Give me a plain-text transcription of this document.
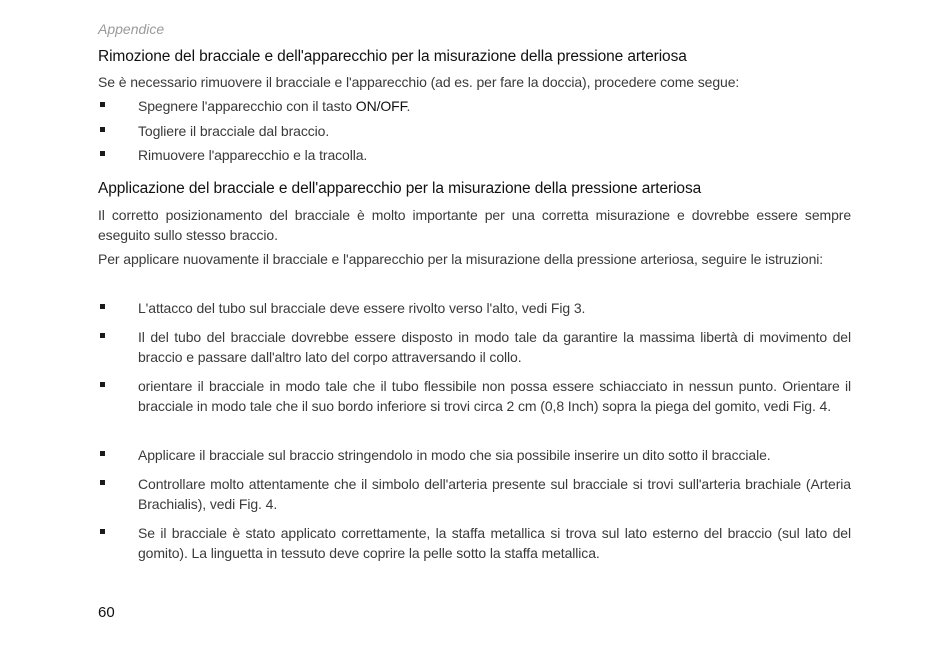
Appendice
Rimozione del bracciale e dell'apparecchio per la misurazione della pressione arteriosa

Se è necessario rimuovere il bracciale e l'apparecchio (ad es. per fare la doccia), procedere come segue:

Spegnere l'apparecchio con il tasto ON/OFF.
Togliere il bracciale dal braccio.
Rimuovere l'apparecchio e la tracolla.
Applicazione del bracciale e dell'apparecchio per la misurazione della pressione arteriosa

Il corretto posizionamento del bracciale è molto importante per una corretta misurazione e dovrebbe essere sempre eseguito sullo stesso braccio.

Per applicare nuovamente il bracciale e l'apparecchio per la misurazione della pressione arteriosa, seguire le istruzioni:

L'attacco del tubo sul bracciale deve essere rivolto verso l'alto, vedi Fig 3.
Il del tubo del bracciale dovrebbe essere disposto in modo tale da garantire la massima libertà di movimento del braccio e passare dall'altro lato del corpo attraversando il collo.
orientare il bracciale in modo tale che il tubo flessibile non possa essere schiacciato in nessun punto. Orientare il bracciale in modo tale che il suo bordo inferiore si trovi circa 2 cm (0,8 Inch) sopra la piega del gomito, vedi Fig. 4.
Applicare il bracciale sul braccio stringendolo in modo che sia possibile inserire un dito sotto il bracciale.
Controllare molto attentamente che il simbolo dell'arteria presente sul bracciale si trovi sull'arteria brachiale (Arteria Brachialis), vedi Fig. 4.
Se il bracciale è stato applicato correttamente, la staffa metallica si trova sul lato esterno del braccio (sul lato del gomito). La linguetta in tessuto deve coprire la pelle sotto la staffa metallica.
60
